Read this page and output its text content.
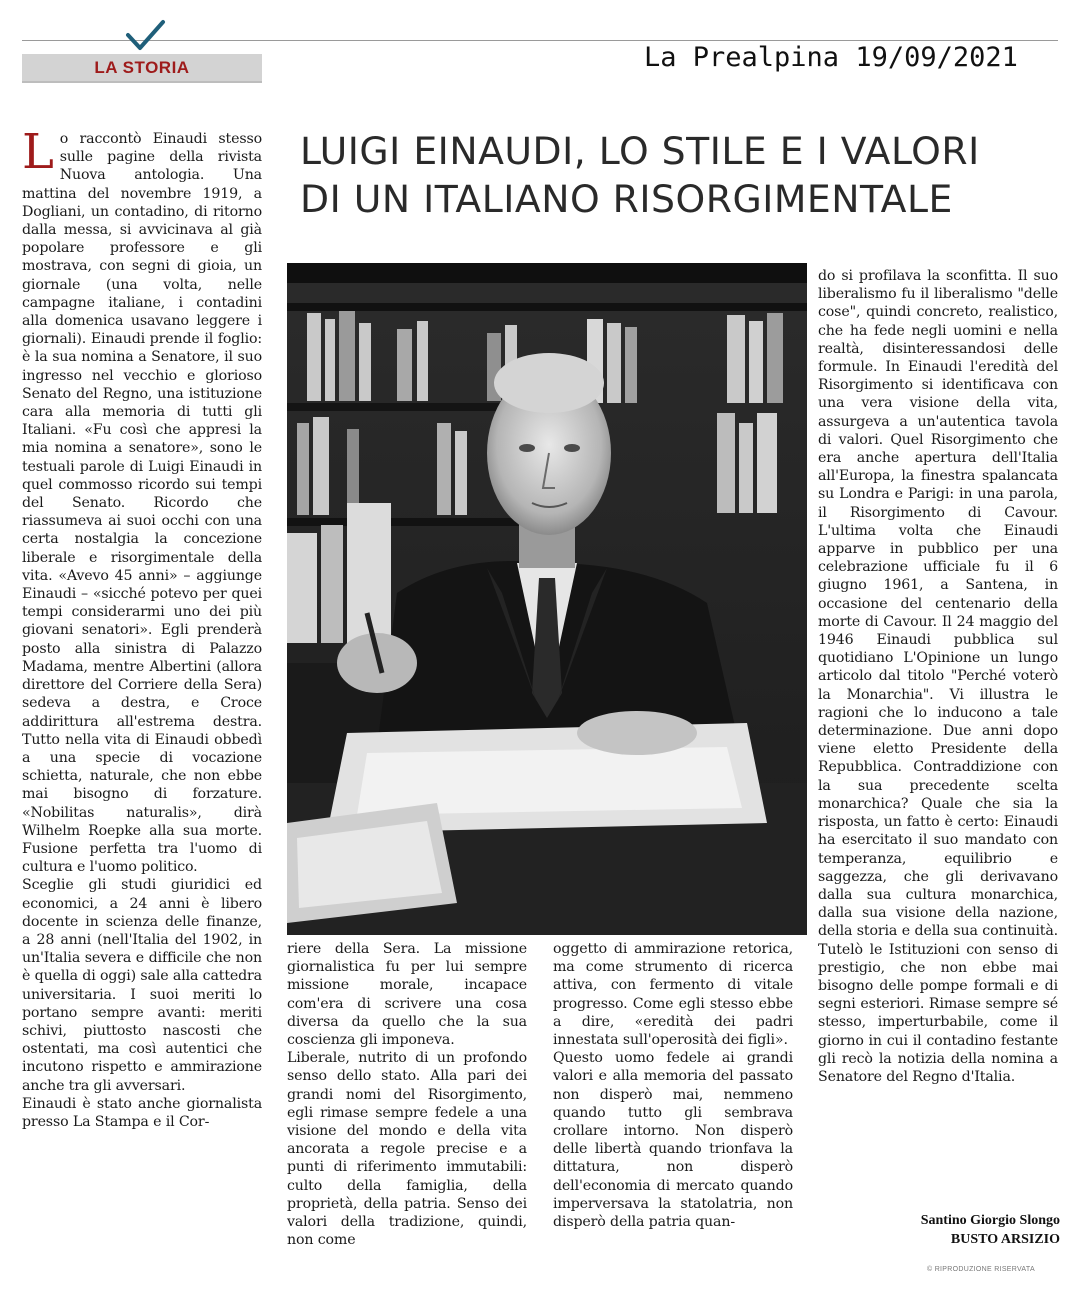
LA STORIA	La Prealpina 19/09/2021
LUIGI EINAUDI, LO STILE E I VALORI
DI UN ITALIANO RISORGIMENTALE

Lo raccontò Einaudi stesso sulle pagine della rivista Nuova antologia. Una mattina del novembre 1919, a Dogliani, un contadino, di ritorno dalla messa, si avvicinava al già popolare professore e gli mostrava, con segni di gioia, un giornale (una volta, nelle campagne italiane, i contadini alla domenica usavano leggere i giornali). Einaudi prende il foglio: è la sua nomina a Senatore, il suo ingresso nel vecchio e glorioso Senato del Regno, una istituzione cara alla memoria di tutti gli Italiani. «Fu così che appresi la mia nomina a senatore», sono le testuali parole di Luigi Einaudi in quel commosso ricordo sui tempi del Senato. Ricordo che riassumeva ai suoi occhi con una certa nostalgia la concezione liberale e risorgimentale della vita. «Avevo 45 anni» – aggiunge Einaudi – «sicché potevo per quei tempi considerarmi uno dei più giovani senatori». Egli prenderà posto alla sinistra di Palazzo Madama, mentre Albertini (allora direttore del Corriere della Sera) sedeva a destra, e Croce addirittura all'estrema destra. Tutto nella vita di Einaudi obbedì a una specie di vocazione schietta, naturale, che non ebbe mai bisogno di forzature. «Nobilitas naturalis», dirà Wilhelm Roepke alla sua morte. Fusione perfetta tra l'uomo di cultura e l'uomo politico.

Sceglie gli studi giuridici ed economici, a 24 anni è libero docente in scienza delle finanze, a 28 anni (nell'Italia del 1902, in un'Italia severa e difficile che non è quella di oggi) sale alla cattedra universitaria. I suoi meriti lo portano sempre avanti: meriti schivi, piuttosto nascosti che ostentati, ma così autentici che incutono rispetto e ammirazione anche tra gli avversari.

Einaudi è stato anche giornalista presso La Stampa e il Cor-

riere della Sera. La missione giornalistica fu per lui sempre missione morale, incapace com'era di scrivere una cosa diversa da quello che la sua coscienza gli imponeva.

Liberale, nutrito di un profondo senso dello stato. Alla pari dei grandi nomi del Risorgimento, egli rimase sempre fedele a una visione del mondo e della vita ancorata a regole precise e a punti di riferimento immutabili: culto della famiglia, della proprietà, della patria. Senso dei valori della tradizione, quindi, non come

oggetto di ammirazione retorica, ma come strumento di ricerca attiva, con fermento di vitale progresso. Come egli stesso ebbe a dire, «eredità dei padri innestata sull'operosità dei figli».

Questo uomo fedele ai grandi valori e alla memoria del passato non disperò mai, nemmeno quando tutto gli sembrava crollare intorno. Non disperò delle libertà quando trionfava la dittatura, non disperò dell'economia di mercato quando imperversava la statolatria, non disperò della patria quan-

do si profilava la sconfitta. Il suo liberalismo fu il liberalismo "delle cose", quindi concreto, realistico, che ha fede negli uomini e nella realtà, disinteressandosi delle formule. In Einaudi l'eredità del Risorgimento si identificava con una vera visione della vita, assurgeva a un'autentica tavola di valori. Quel Risorgimento che era anche apertura dell'Italia all'Europa, la finestra spalancata su Londra e Parigi: in una parola, il Risorgimento di Cavour. L'ultima volta che Einaudi apparve in pubblico per una celebrazione ufficiale fu il 6 giugno 1961, a Santena, in occasione del centenario della morte di Cavour. Il 24 maggio del 1946 Einaudi pubblica sul quotidiano L'Opinione un lungo articolo dal titolo "Perché voterò la Monarchia". Vi illustra le ragioni che lo inducono a tale determinazione. Due anni dopo viene eletto Presidente della Repubblica. Contraddizione con la sua precedente scelta monarchica? Quale che sia la risposta, un fatto è certo: Einaudi ha esercitato il suo mandato con temperanza, equilibrio e saggezza, che gli derivavano dalla sua cultura monarchica, dalla sua visione della nazione, della storia e della sua continuità. Tutelò le Istituzioni con senso di prestigio, che non ebbe mai bisogno delle pompe formali e di segni esteriori. Rimase sempre sé stesso, imperturbabile, come il giorno in cui il contadino festante gli recò la notizia della nomina a Senatore del Regno d'Italia.

Santino Giorgio Slongo
BUSTO ARSIZIO
© RIPRODUZIONE RISERVATA
